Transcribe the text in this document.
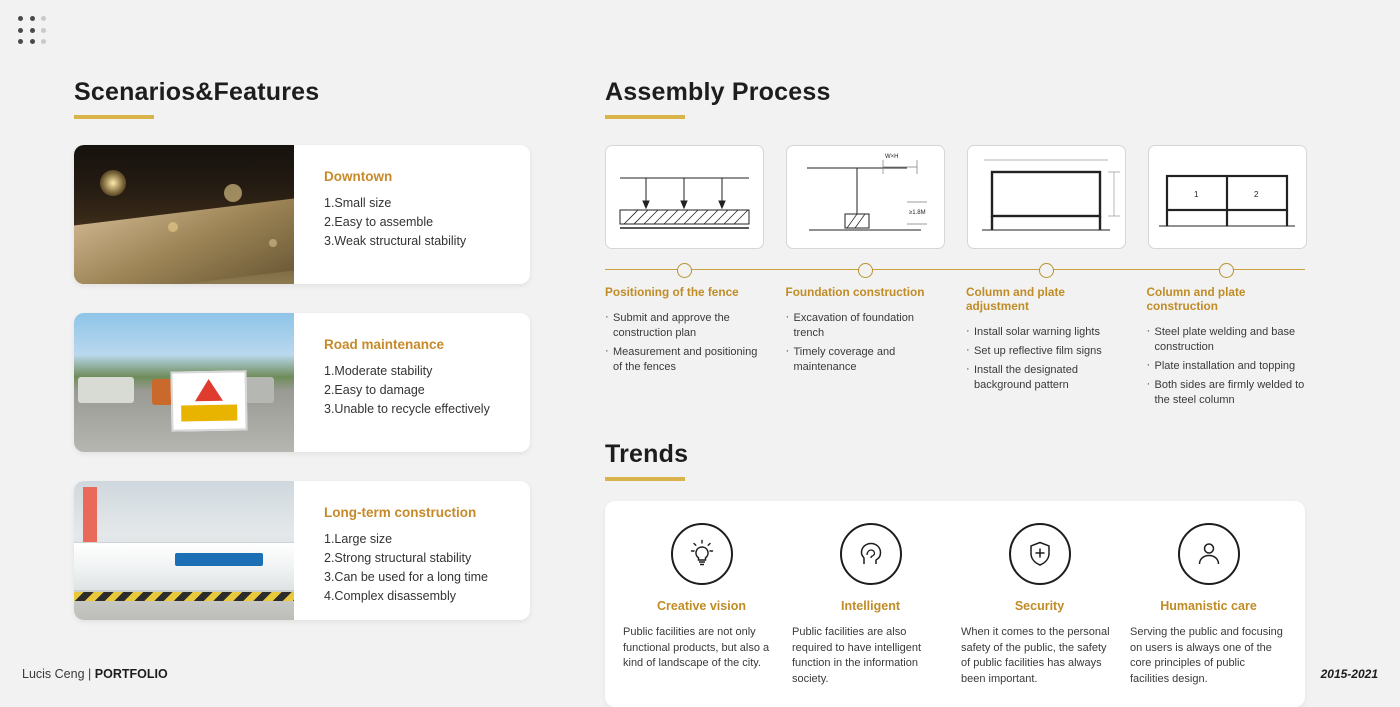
Scenarios&Features
Downtown
1.Small size
2.Easy to assemble
3.Weak structural stability
Road maintenance
1.Moderate stability
2.Easy to damage
3.Unable to recycle effectively
Long-term construction
1.Large size
2.Strong structural stability
3.Can be used for a long time
4.Complex disassembly
Assembly Process
W×H
≥1.8M
1	2
Positioning of the fence
· Submit and approve the construction plan
· Measurement and positioning of the fences
Foundation construction
· Excavation of foundation trench
· Timely coverage and maintenance
Column and plate adjustment
· Install solar warning lights
· Set up reflective film signs
· Install the designated background pattern
Column and plate construction
· Steel plate welding and base construction
· Plate installation and topping
· Both sides are firmly welded to the steel column
Trends
Creative vision

Public facilities are not only functional products, but also a kind of landscape of the city.

Intelligent

Public facilities are also required to have intelligent function in the information society.

Security

When it comes to the personal safety of the public, the safety of public facilities has always been important.

Humanistic care

Serving the public and focusing on users is always one of the core principles of public facilities design.

Lucis Ceng | PORTFOLIO	2015-2021
